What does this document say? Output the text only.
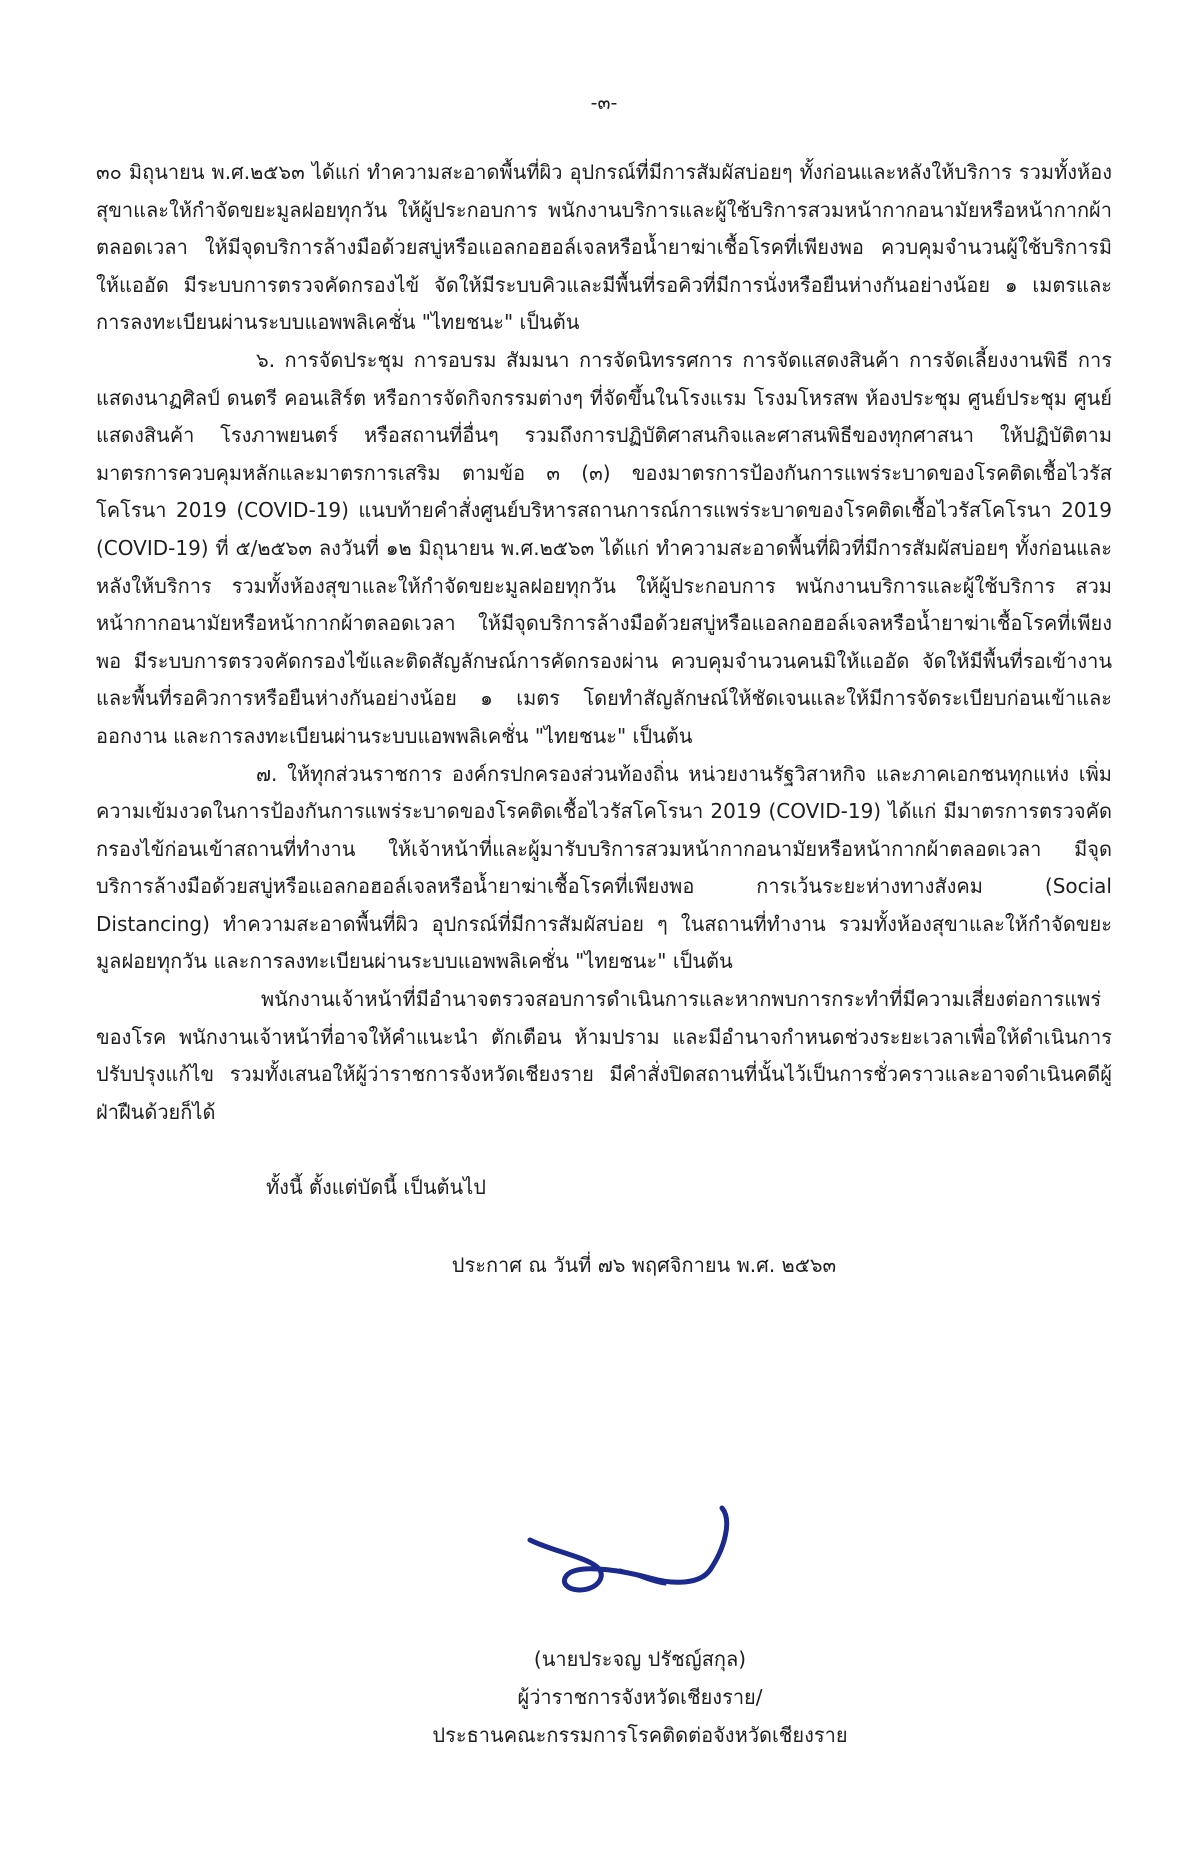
-๓-

๓๐ มิถุนายน พ.ศ.๒๕๖๓ ได้แก่ ทำความสะอาดพื้นที่ผิว อุปกรณ์ที่มีการสัมผัสบ่อยๆ ทั้งก่อนและหลังให้บริการ รวมทั้งห้องสุขาและให้กำจัดขยะมูลฝอยทุกวัน ให้ผู้ประกอบการ พนักงานบริการและผู้ใช้บริการสวมหน้ากากอนามัยหรือหน้ากากผ้าตลอดเวลา ให้มีจุดบริการล้างมือด้วยสบู่หรือแอลกอฮอล์เจลหรือน้ำยาฆ่าเชื้อโรคที่เพียงพอ ควบคุมจำนวนผู้ใช้บริการมิให้แออัด มีระบบการตรวจคัดกรองไข้ จัดให้มีระบบคิวและมีพื้นที่รอคิวที่มีการนั่งหรือยืนห่างกันอย่างน้อย ๑ เมตรและการลงทะเบียนผ่านระบบแอพพลิเคชั่น "ไทยชนะ" เป็นต้น

๖. การจัดประชุม การอบรม สัมมนา การจัดนิทรรศการ การจัดแสดงสินค้า การจัดเลี้ยงงานพิธี การแสดงนาฏศิลป์ ดนตรี คอนเสิร์ต หรือการจัดกิจกรรมต่างๆ ที่จัดขึ้นในโรงแรม โรงมโหรสพ ห้องประชุม ศูนย์ประชุม ศูนย์แสดงสินค้า โรงภาพยนตร์ หรือสถานที่อื่นๆ รวมถึงการปฏิบัติศาสนกิจและศาสนพิธีของทุกศาสนา ให้ปฏิบัติตามมาตรการควบคุมหลักและมาตรการเสริม ตามข้อ ๓ (๓) ของมาตรการป้องกันการแพร่ระบาดของโรคติดเชื้อไวรัสโคโรนา 2019 (COVID-19) แนบท้ายคำสั่งศูนย์บริหารสถานการณ์การแพร่ระบาดของโรคติดเชื้อไวรัสโคโรนา 2019 (COVID-19) ที่ ๕/๒๕๖๓ ลงวันที่ ๑๒ มิถุนายน พ.ศ.๒๕๖๓ ได้แก่ ทำความสะอาดพื้นที่ผิวที่มีการสัมผัสบ่อยๆ ทั้งก่อนและหลังให้บริการ รวมทั้งห้องสุขาและให้กำจัดขยะมูลฝอยทุกวัน ให้ผู้ประกอบการ พนักงานบริการและผู้ใช้บริการ สวมหน้ากากอนามัยหรือหน้ากากผ้าตลอดเวลา ให้มีจุดบริการล้างมือด้วยสบู่หรือแอลกอฮอล์เจลหรือน้ำยาฆ่าเชื้อโรคที่เพียงพอ มีระบบการตรวจคัดกรองไข้และติดสัญลักษณ์การคัดกรองผ่าน ควบคุมจำนวนคนมิให้แออัด จัดให้มีพื้นที่รอเข้างานและพื้นที่รอคิวการหรือยืนห่างกันอย่างน้อย ๑ เมตร โดยทำสัญลักษณ์ให้ชัดเจนและให้มีการจัดระเบียบก่อนเข้าและออกงาน และการลงทะเบียนผ่านระบบแอพพลิเคชั่น "ไทยชนะ" เป็นต้น

๗. ให้ทุกส่วนราชการ องค์กรปกครองส่วนท้องถิ่น หน่วยงานรัฐวิสาหกิจ และภาคเอกชนทุกแห่ง เพิ่มความเข้มงวดในการป้องกันการแพร่ระบาดของโรคติดเชื้อไวรัสโคโรนา 2019 (COVID-19) ได้แก่ มีมาตรการตรวจคัดกรองไข้ก่อนเข้าสถานที่ทำงาน ให้เจ้าหน้าที่และผู้มารับบริการสวมหน้ากากอนามัยหรือหน้ากากผ้าตลอดเวลา มีจุดบริการล้างมือด้วยสบู่หรือแอลกอฮอล์เจลหรือน้ำยาฆ่าเชื้อโรคที่เพียงพอ การเว้นระยะห่างทางสังคม (Social Distancing) ทำความสะอาดพื้นที่ผิว อุปกรณ์ที่มีการสัมผัสบ่อย ๆ ในสถานที่ทำงาน รวมทั้งห้องสุขาและให้กำจัดขยะมูลฝอยทุกวัน และการลงทะเบียนผ่านระบบแอพพลิเคชั่น "ไทยชนะ" เป็นต้น

พนักงานเจ้าหน้าที่มีอำนาจตรวจสอบการดำเนินการและหากพบการกระทำที่มีความเสี่ยงต่อการแพร่ของโรค พนักงานเจ้าหน้าที่อาจให้คำแนะนำ ตักเตือน ห้ามปราม และมีอำนาจกำหนดช่วงระยะเวลาเพื่อให้ดำเนินการปรับปรุงแก้ไข รวมทั้งเสนอให้ผู้ว่าราชการจังหวัดเชียงราย มีคำสั่งปิดสถานที่นั้นไว้เป็นการชั่วคราวและอาจดำเนินคดีผู้ฝ่าฝืนด้วยก็ได้

ทั้งนี้ ตั้งแต่บัดนี้ เป็นต้นไป
ประกาศ ณ วันที่ ๗๖ พฤศจิกายน พ.ศ. ๒๕๖๓
(นายประจญ ปรัชญ์สกุล)
ผู้ว่าราชการจังหวัดเชียงราย/
ประธานคณะกรรมการโรคติดต่อจังหวัดเชียงราย
